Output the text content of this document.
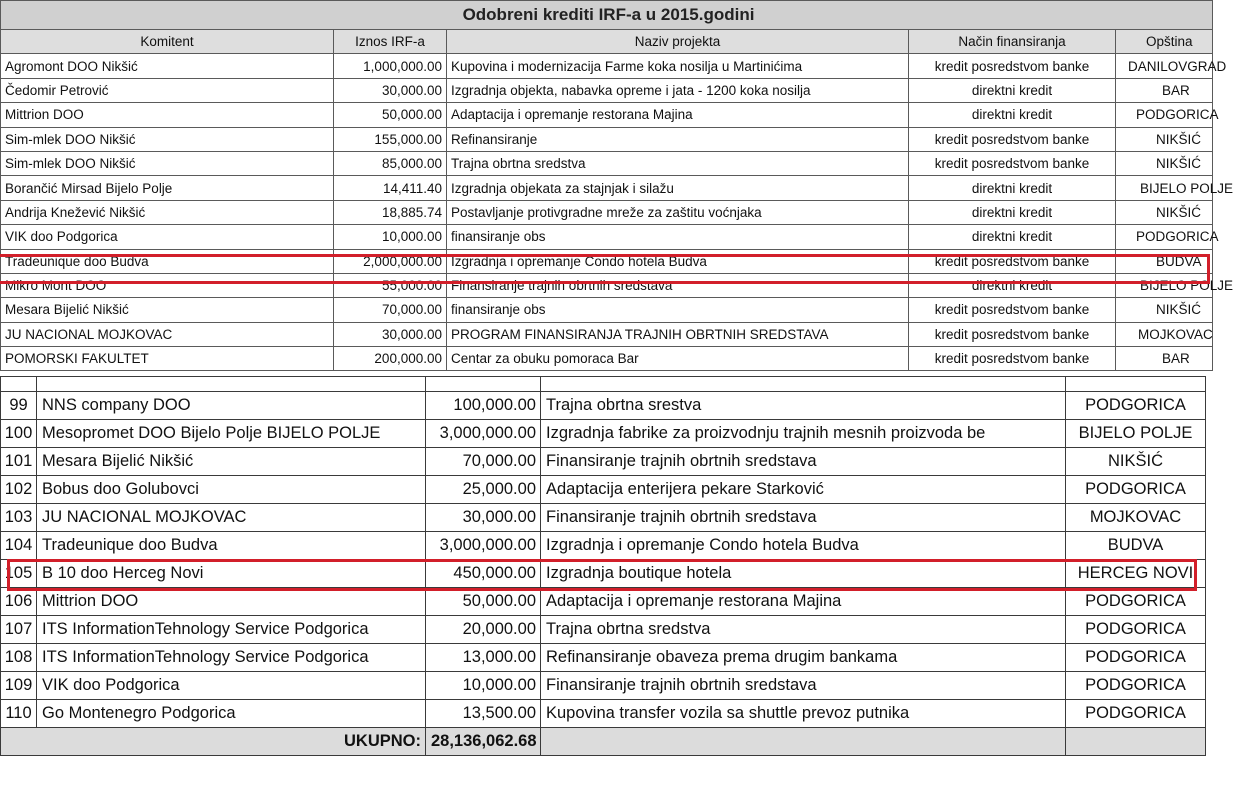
Odobreni krediti IRF-a u 2015.godini				
Komitent	Iznos IRF-a	Naziv projekta	Način finansiranja	Opština
Agromont DOO Nikšić	1,000,000.00	Kupovina i modernizacija Farme koka nosilja u Martinićima	kredit posredstvom banke	DANILOVGRAD
Čedomir Petrović	30,000.00	Izgradnja objekta, nabavka opreme i jata - 1200 koka nosilja	direktni kredit	BAR
Mittrion DOO	50,000.00	Adaptacija i opremanje restorana Majina	direktni kredit	PODGORICA
Sim-mlek DOO Nikšić	155,000.00	Refinansiranje	kredit posredstvom banke	NIKŠIĆ
Sim-mlek DOO Nikšić	85,000.00	Trajna obrtna sredstva	kredit posredstvom banke	NIKŠIĆ
Borančić Mirsad Bijelo Polje	14,411.40	Izgradnja objekata za stajnjak i silažu	direktni kredit	BIJELO POLJE
Andrija Knežević Nikšić	18,885.74	Postavljanje protivgradne mreže za zaštitu voćnjaka	direktni kredit	NIKŠIĆ
VIK doo Podgorica	10,000.00	finansiranje obs	direktni kredit	PODGORICA
Tradeunique doo Budva	2,000,000.00	Izgradnja i opremanje Condo hotela Budva	kredit posredstvom banke	BUDVA
Mikro Mont DOO	55,000.00	Finansiranje trajnih obrtnih sredstava	direktni kredit	BIJELO POLJE
Mesara Bijelić Nikšić	70,000.00	finansiranje obs	kredit posredstvom banke	NIKŠIĆ
JU NACIONAL MOJKOVAC	30,000.00	PROGRAM FINANSIRANJA TRAJNIH OBRTNIH SREDSTAVA	kredit posredstvom banke	MOJKOVAC
POMORSKI FAKULTET	200,000.00	Centar za obuku pomoraca Bar	kredit posredstvom banke	BAR

99	NNS company DOO	100,000.00	Trajna obrtna srestva	PODGORICA
100	Mesopromet DOO Bijelo Polje BIJELO POLJE	3,000,000.00	Izgradnja fabrike za proizvodnju trajnih mesnih proizvoda be	BIJELO POLJE
101	Mesara Bijelić Nikšić	70,000.00	Finansiranje trajnih obrtnih sredstava	NIKŠIĆ
102	Bobus doo Golubovci	25,000.00	Adaptacija enterijera pekare Starković	PODGORICA
103	JU NACIONAL MOJKOVAC	30,000.00	Finansiranje trajnih obrtnih sredstava	MOJKOVAC
104	Tradeunique doo Budva	3,000,000.00	Izgradnja i opremanje Condo hotela Budva	BUDVA
105	B 10 doo Herceg Novi	450,000.00	Izgradnja boutique hotela	HERCEG NOVI
106	Mittrion DOO	50,000.00	Adaptacija i opremanje restorana Majina	PODGORICA
107	ITS InformationTehnology Service Podgorica	20,000.00	Trajna obrtna sredstva	PODGORICA
108	ITS InformationTehnology Service Podgorica	13,000.00	Refinansiranje obaveza prema drugim bankama	PODGORICA
109	VIK doo Podgorica	10,000.00	Finansiranje trajnih obrtnih sredstava	PODGORICA
110	Go Montenegro Podgorica	13,500.00	Kupovina transfer vozila sa shuttle prevoz putnika	PODGORICA
UKUPNO:		28,136,062.68		
